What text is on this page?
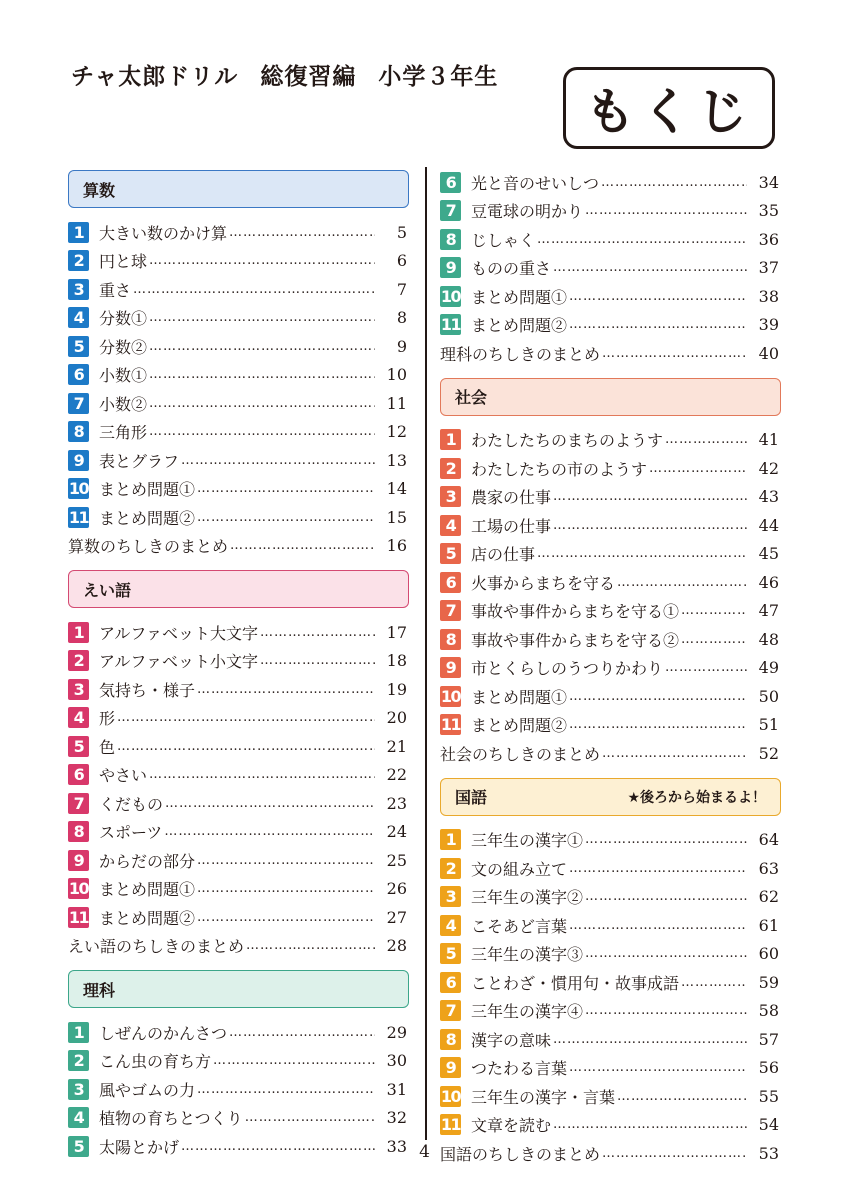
チャ太郎ドリル 総復習編 小学３年生
もくじ
算数
1 大きい数のかけ算 ………………………………………………………………………………………………………………………………………………	5
2 円と球 ………………………………………………………………………………………………………………………………………………	6
3 重さ ………………………………………………………………………………………………………………………………………………	7
4 分数① ………………………………………………………………………………………………………………………………………………	8
5 分数② ………………………………………………………………………………………………………………………………………………	9
6 小数① ………………………………………………………………………………………………………………………………………………	10
7 小数② ………………………………………………………………………………………………………………………………………………	11
8 三角形 ………………………………………………………………………………………………………………………………………………	12
9 表とグラフ ………………………………………………………………………………………………………………………………………………	13
10 まとめ問題① ………………………………………………………………………………………………………………………………………………	14
11 まとめ問題② ………………………………………………………………………………………………………………………………………………	15
算数のちしきのまとめ ………………………………………………………………………………………………………………………………………………	16
えい語
1 アルファベット大文字 ………………………………………………………………………………………………………………………………………………	17
2 アルファベット小文字 ………………………………………………………………………………………………………………………………………………	18
3 気持ち・様子 ………………………………………………………………………………………………………………………………………………	19
4 形 ………………………………………………………………………………………………………………………………………………	20
5 色 ………………………………………………………………………………………………………………………………………………	21
6 やさい ………………………………………………………………………………………………………………………………………………	22
7 くだもの ………………………………………………………………………………………………………………………………………………	23
8 スポーツ ………………………………………………………………………………………………………………………………………………	24
9 からだの部分 ………………………………………………………………………………………………………………………………………………	25
10 まとめ問題① ………………………………………………………………………………………………………………………………………………	26
11 まとめ問題② ………………………………………………………………………………………………………………………………………………	27
えい語のちしきのまとめ ………………………………………………………………………………………………………………………………………………	28
理科
1 しぜんのかんさつ ………………………………………………………………………………………………………………………………………………	29
2 こん虫の育ち方 ………………………………………………………………………………………………………………………………………………	30
3 風やゴムの力 ………………………………………………………………………………………………………………………………………………	31
4 植物の育ちとつくり ………………………………………………………………………………………………………………………………………………	32
5 太陽とかげ ………………………………………………………………………………………………………………………………………………	33
6 光と音のせいしつ ………………………………………………………………………………………………………………………………………………	34
7 豆電球の明かり ………………………………………………………………………………………………………………………………………………	35
8 じしゃく ………………………………………………………………………………………………………………………………………………	36
9 ものの重さ ………………………………………………………………………………………………………………………………………………	37
10 まとめ問題① ………………………………………………………………………………………………………………………………………………	38
11 まとめ問題② ………………………………………………………………………………………………………………………………………………	39
理科のちしきのまとめ ………………………………………………………………………………………………………………………………………………	40
社会
1 わたしたちのまちのようす ………………………………………………………………………………………………………………………………………………	41
2 わたしたちの市のようす ………………………………………………………………………………………………………………………………………………	42
3 農家の仕事 ………………………………………………………………………………………………………………………………………………	43
4 工場の仕事 ………………………………………………………………………………………………………………………………………………	44
5 店の仕事 ………………………………………………………………………………………………………………………………………………	45
6 火事からまちを守る ………………………………………………………………………………………………………………………………………………	46
7 事故や事件からまちを守る① ………………………………………………………………………………………………………………………………………………	47
8 事故や事件からまちを守る② ………………………………………………………………………………………………………………………………………………	48
9 市とくらしのうつりかわり ………………………………………………………………………………………………………………………………………………	49
10 まとめ問題① ………………………………………………………………………………………………………………………………………………	50
11 まとめ問題② ………………………………………………………………………………………………………………………………………………	51
社会のちしきのまとめ ………………………………………………………………………………………………………………………………………………	52
国語	★後ろから始まるよ！
1 三年生の漢字① ………………………………………………………………………………………………………………………………………………	64
2 文の組み立て ………………………………………………………………………………………………………………………………………………	63
3 三年生の漢字② ………………………………………………………………………………………………………………………………………………	62
4 こそあど言葉 ………………………………………………………………………………………………………………………………………………	61
5 三年生の漢字③ ………………………………………………………………………………………………………………………………………………	60
6 ことわざ・慣用句・故事成語 ………………………………………………………………………………………………………………………………………………	59
7 三年生の漢字④ ………………………………………………………………………………………………………………………………………………	58
8 漢字の意味 ………………………………………………………………………………………………………………………………………………	57
9 つたわる言葉 ………………………………………………………………………………………………………………………………………………	56
10 三年生の漢字・言葉 ………………………………………………………………………………………………………………………………………………	55
11 文章を読む ………………………………………………………………………………………………………………………………………………	54
国語のちしきのまとめ ………………………………………………………………………………………………………………………………………………	53
4
